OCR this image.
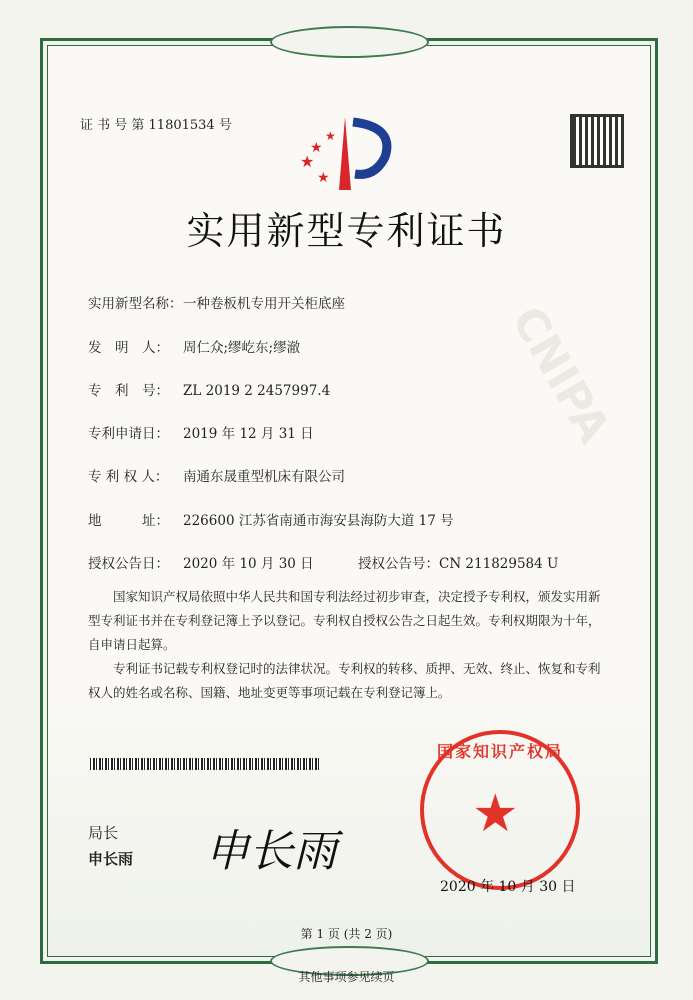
CNIPA
证 书 号 第 11801534 号
★
★
★
★
实用新型专利证书
实用新型名称：一种卷板机专用开关柜底座
发　明　人： 周仁众;缪屹东;缪澈
专　利　号： ZL 2019 2 2457997.4
专利申请日： 2019 年 12 月 31 日
专 利 权 人： 南通东晟重型机床有限公司
地　　　址： 226600 江苏省南通市海安县海防大道 17 号
授权公告日： 2020 年 10 月 30 日	授权公告号：CN 211829584 U
国家知识产权局依照中华人民共和国专利法经过初步审查，决定授予专利权，颁发实用新型专利证书并在专利登记簿上予以登记。专利权自授权公告之日起生效。专利权期限为十年，自申请日起算。
专利证书记载专利权登记时的法律状况。专利权的转移、质押、无效、终止、恢复和专利权人的姓名或名称、国籍、地址变更等事项记载在专利登记簿上。
局长
申长雨 申长雨
国家知识产权局
★
2020 年 10 月 30 日
第 1 页 (共 2 页)
其他事项参见续页
